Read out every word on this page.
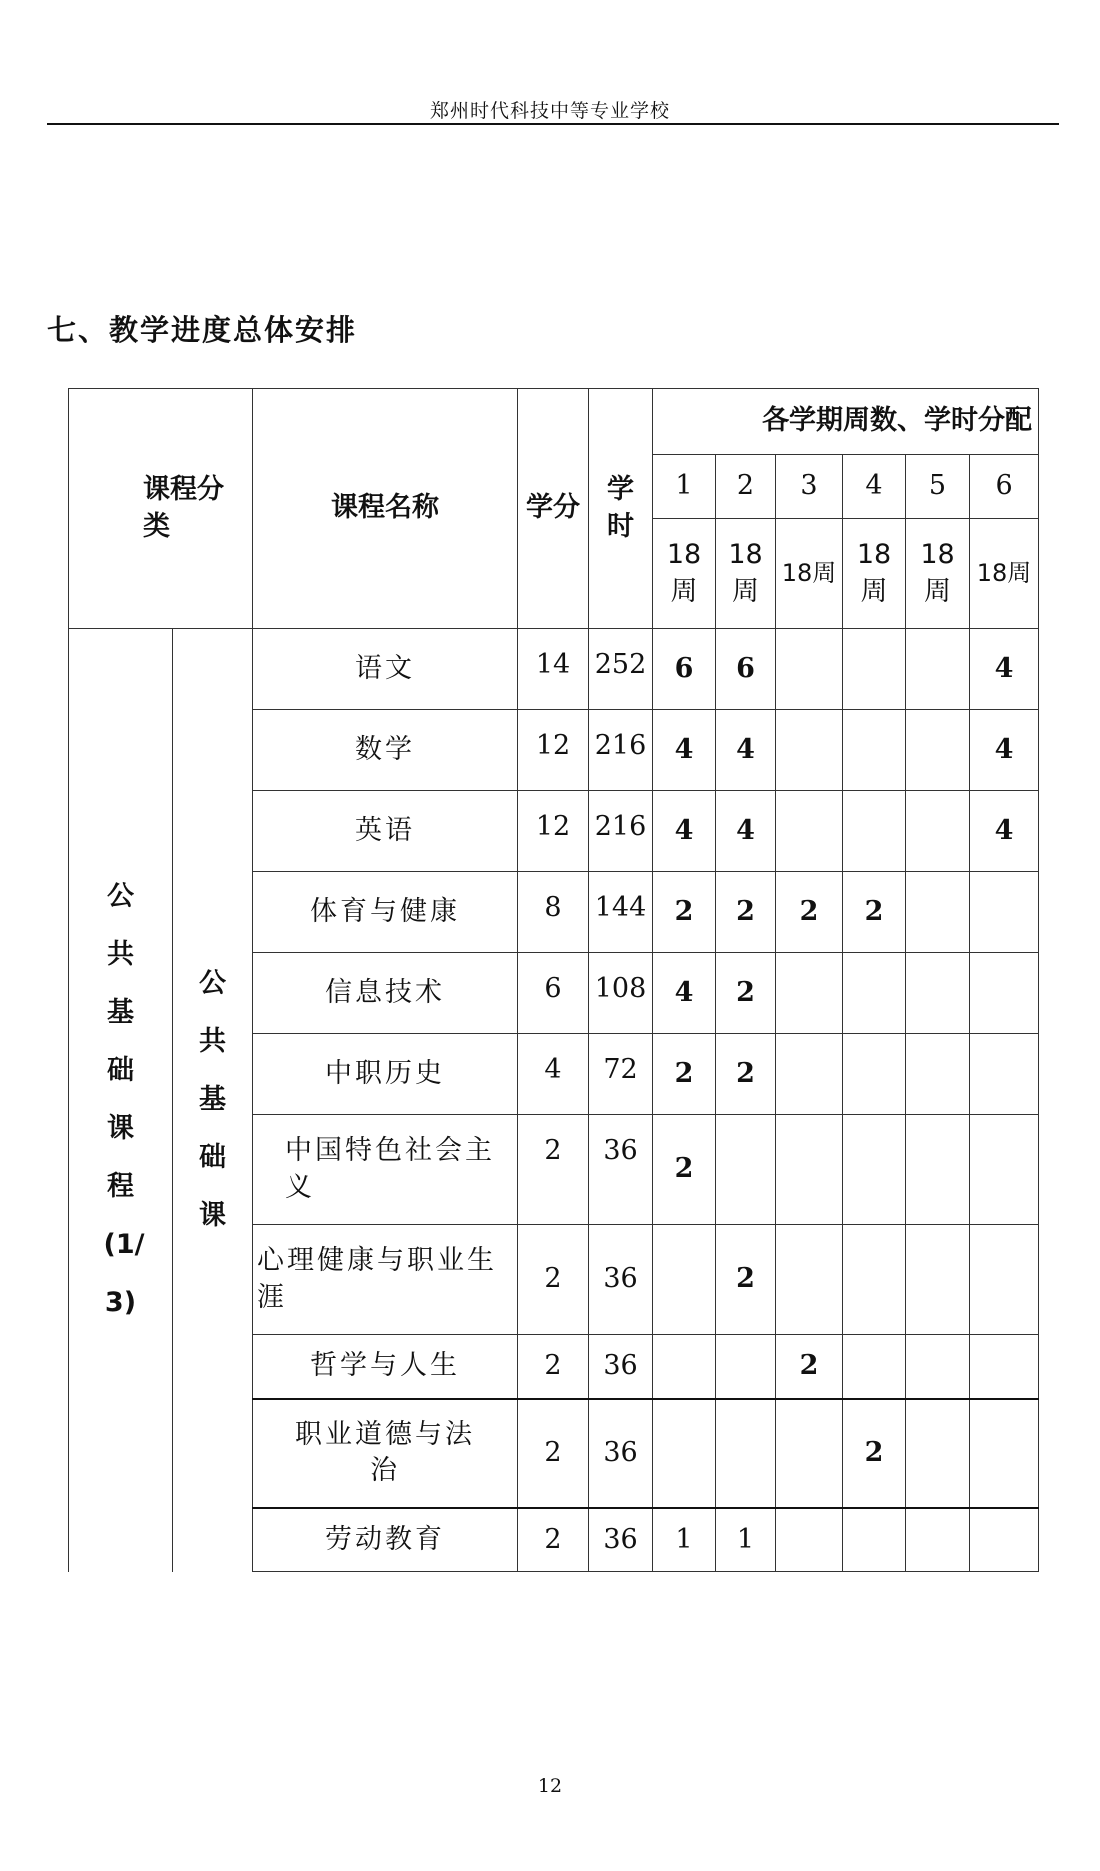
郑州时代科技中等专业学校
七、教学进度总体安排
课程分类		课程名称	学分	学时	各学期周数、学时分配					
					1	2	3	4	5	6
					18周	18周	18周	18周	18周	18周

公共基础课程(1/3)	公共基础课	语文	14	252	6	6				4
		数学	12	216	4	4				4
		英语	12	216	4	4				4
		体育与健康	8	144	2	2	2	2		
		信息技术	6	108	4	2				
		中职历史	4	72	2	2				
		中国特色社会主义	2	36	2					
		心理健康与职业生涯	2	36		2				
		哲学与人生	2	36			2			
		职业道德与法治	2	36				2		
		劳动教育	2	36	1	1				
12
